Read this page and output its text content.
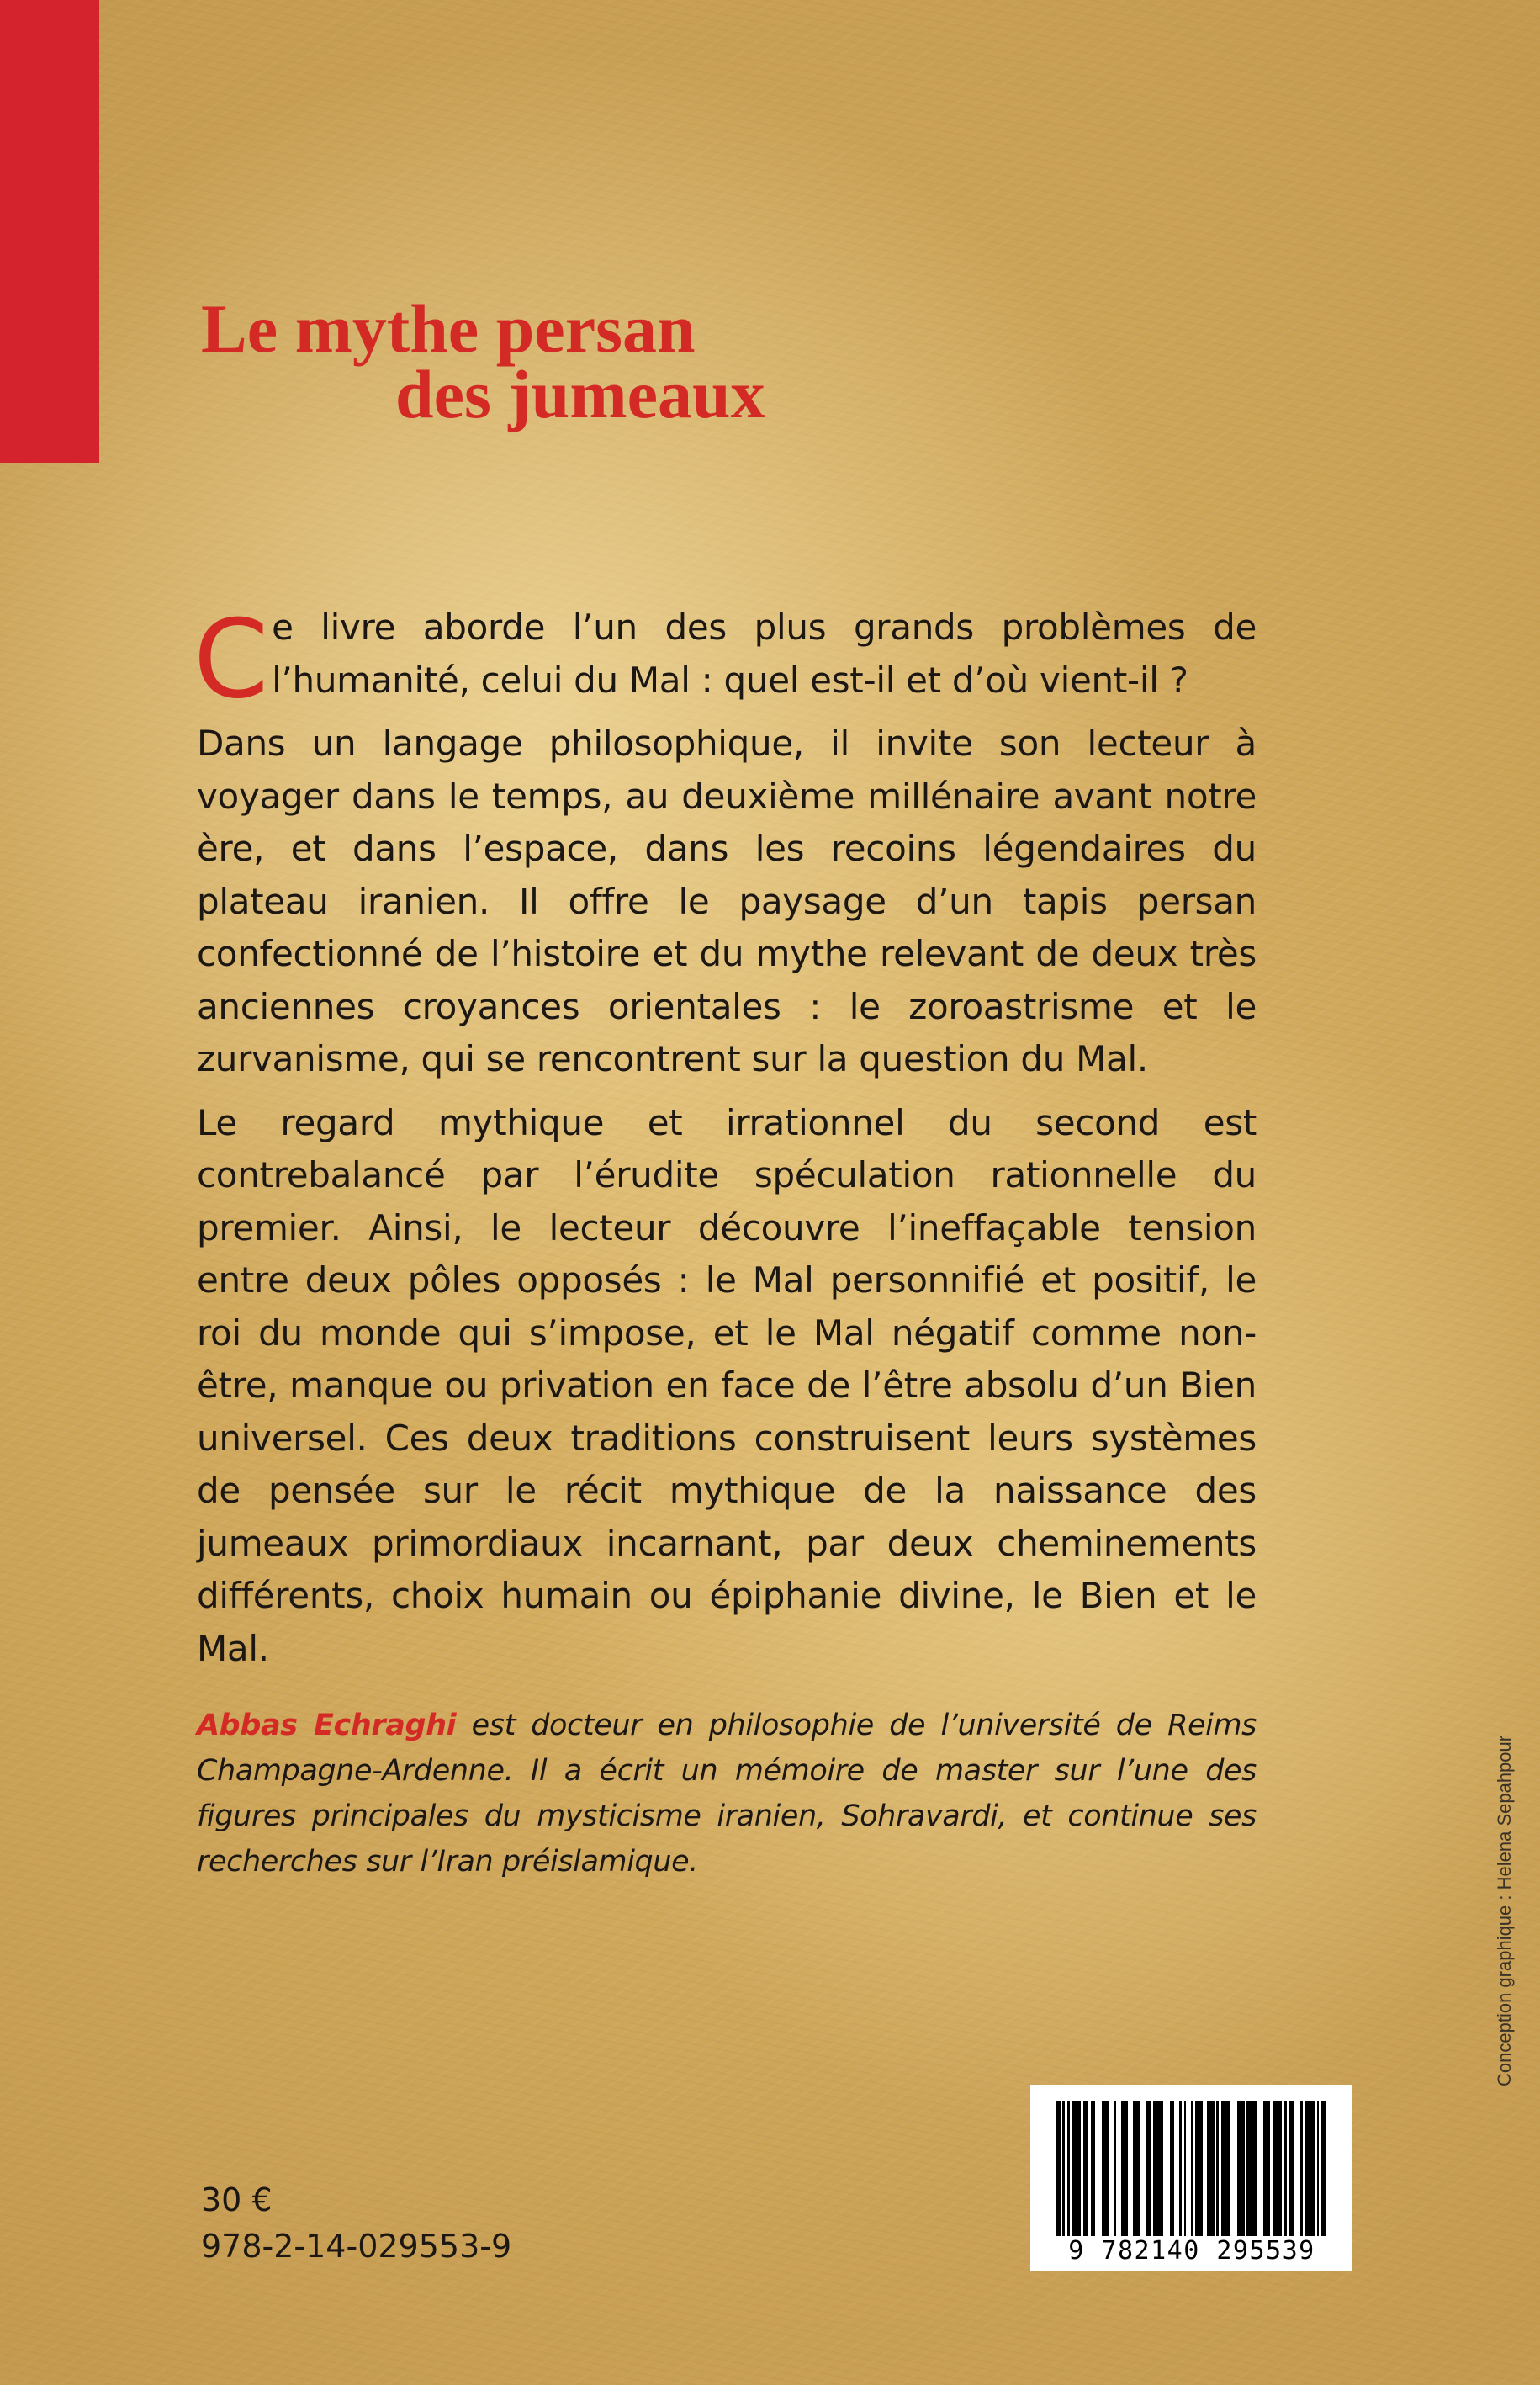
Le mythe persan
des jumeaux

Ce livre aborde l’un des plus grands problèmes de l’humanité, celui du Mal : quel est-il et d’où vient-il ?

Dans un langage philosophique, il invite son lecteur à voyager dans le temps, au deuxième millénaire avant notre ère, et dans l’espace, dans les recoins légendaires du plateau iranien. Il offre le paysage d’un tapis persan confectionné de l’histoire et du mythe relevant de deux très anciennes croyances orientales : le zoroastrisme et le zurvanisme, qui se rencontrent sur la question du Mal.

Le regard mythique et irrationnel du second est contrebalancé par l’érudite spéculation rationnelle du premier. Ainsi, le lecteur découvre l’ineffaçable tension entre deux pôles opposés : le Mal personnifié et positif, le roi du monde qui s’impose, et le Mal négatif comme non-être, manque ou privation en face de l’être absolu d’un Bien universel. Ces deux traditions construisent leurs systèmes de pensée sur le récit mythique de la naissance des jumeaux primordiaux incarnant, par deux cheminements différents, choix humain ou épiphanie divine, le Bien et le Mal.

Abbas Echraghi est docteur en philosophie de l’université de Reims Champagne-Ardenne. Il a écrit un mémoire de master sur l’une des figures principales du mysticisme iranien, Sohravardi, et continue ses recherches sur l’Iran préislamique.	Conception graphique : Helena Sepahpour

30 €

978-2-14-029553-9	9 782140 295539
